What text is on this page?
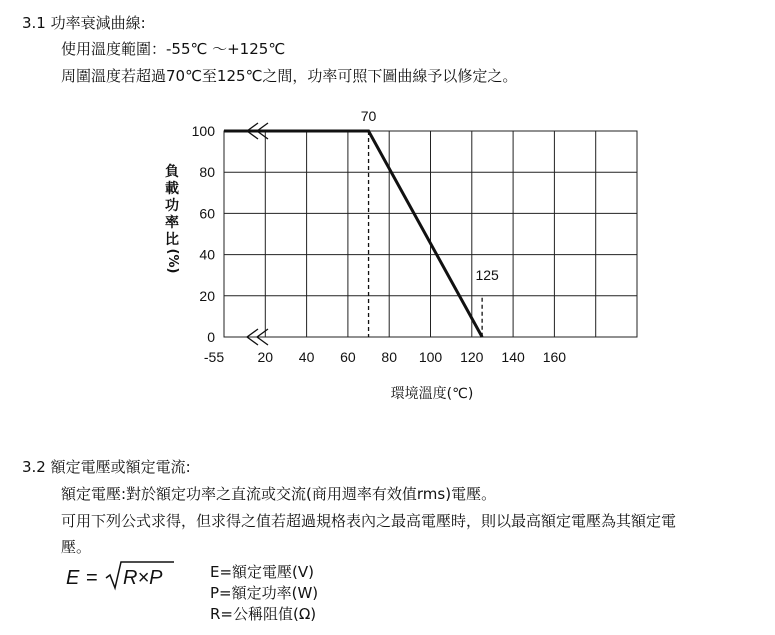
3.1 功率衰減曲線:
使用溫度範圍：-55℃ ～+125℃
周圍溫度若超過70℃至125℃之間，功率可照下圖曲線予以修定之。
-55 20 40 60 80 100 120 140 160
0
20
40
60
80
100
70
125
環境溫度(℃)
負
載
功
率
比
(%)
3.2 額定電壓或額定電流:
額定電壓:對於額定功率之直流或交流(商用週率有效值rms)電壓。
可用下列公式求得，但求得之值若超過規格表內之最高電壓時，則以最高額定電壓為其額定電
壓。
E = R×P	E=額定電壓(V)
P=額定功率(W)
R=公稱阻值(Ω)
